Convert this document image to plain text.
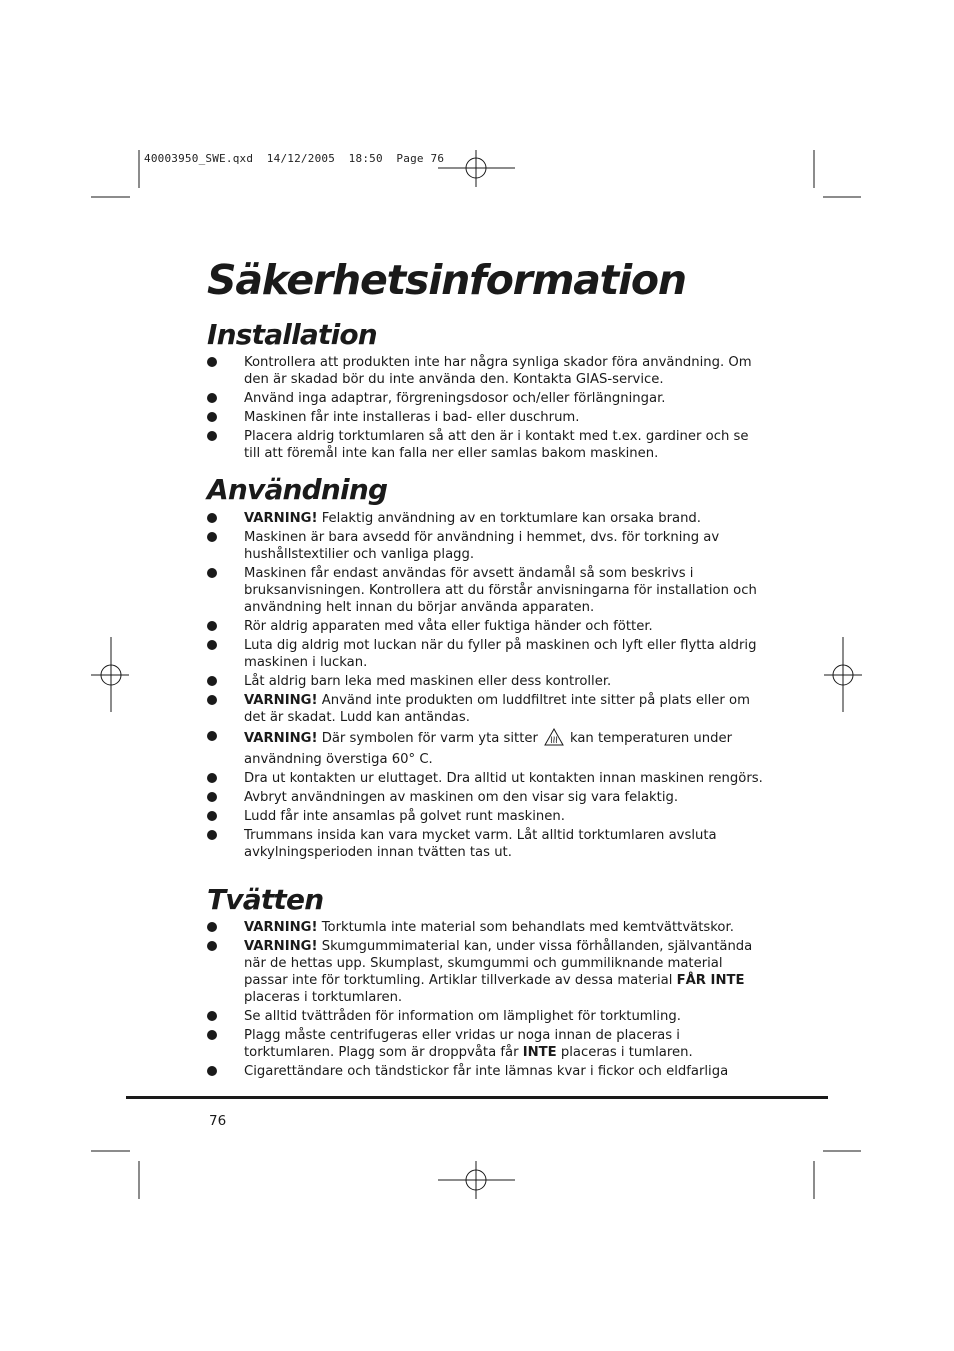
40003950_SWE.qxd  14/12/2005  18:50  Page 76
Säkerhetsinformation
Installation
Kontrollera att produkten inte har några synliga skador föra användning. Om den är skadad bör du inte använda den. Kontakta GIAS-service.
Använd inga adaptrar, förgreningsdosor och/eller förlängningar.
Maskinen får inte installeras i bad- eller duschrum.
Placera aldrig torktumlaren så att den är i kontakt med t.ex. gardiner och se till att föremål inte kan falla ner eller samlas bakom maskinen.
Användning
VARNING! Felaktig användning av en torktumlare kan orsaka brand.
Maskinen är bara avsedd för användning i hemmet, dvs. för torkning av hushållstextilier och vanliga plagg.
Maskinen får endast användas för avsett ändamål så som beskrivs i bruksanvisningen. Kontrollera att du förstår anvisningarna för installation och användning helt innan du börjar använda apparaten.
Rör aldrig apparaten med våta eller fuktiga händer och fötter.
Luta dig aldrig mot luckan när du fyller på maskinen och lyft eller flytta aldrig maskinen i luckan.
Låt aldrig barn leka med maskinen eller dess kontroller.
VARNING! Använd inte produkten om luddfiltret inte sitter på plats eller om det är skadat. Ludd kan antändas.
VARNING! Där symbolen för varm yta sitter kan temperaturen under användning överstiga 60° C.
Dra ut kontakten ur eluttaget. Dra alltid ut kontakten innan maskinen rengörs.
Avbryt användningen av maskinen om den visar sig vara felaktig.
Ludd får inte ansamlas på golvet runt maskinen.
Trummans insida kan vara mycket varm. Låt alltid torktumlaren avsluta avkylningsperioden innan tvätten tas ut.
Tvätten
VARNING! Torktumla inte material som behandlats med kemtvättvätskor.
VARNING! Skumgummimaterial kan, under vissa förhållanden, självantända när de hettas upp. Skumplast, skumgummi och gummiliknande material passar inte för torktumling. Artiklar tillverkade av dessa material FÅR INTE placeras i torktumlaren.
Se alltid tvättråden för information om lämplighet för torktumling.
Plagg måste centrifugeras eller vridas ur noga innan de placeras i torktumlaren. Plagg som är droppvåta får INTE placeras i tumlaren.
Cigarettändare och tändstickor får inte lämnas kvar i fickor och eldfarliga
76
